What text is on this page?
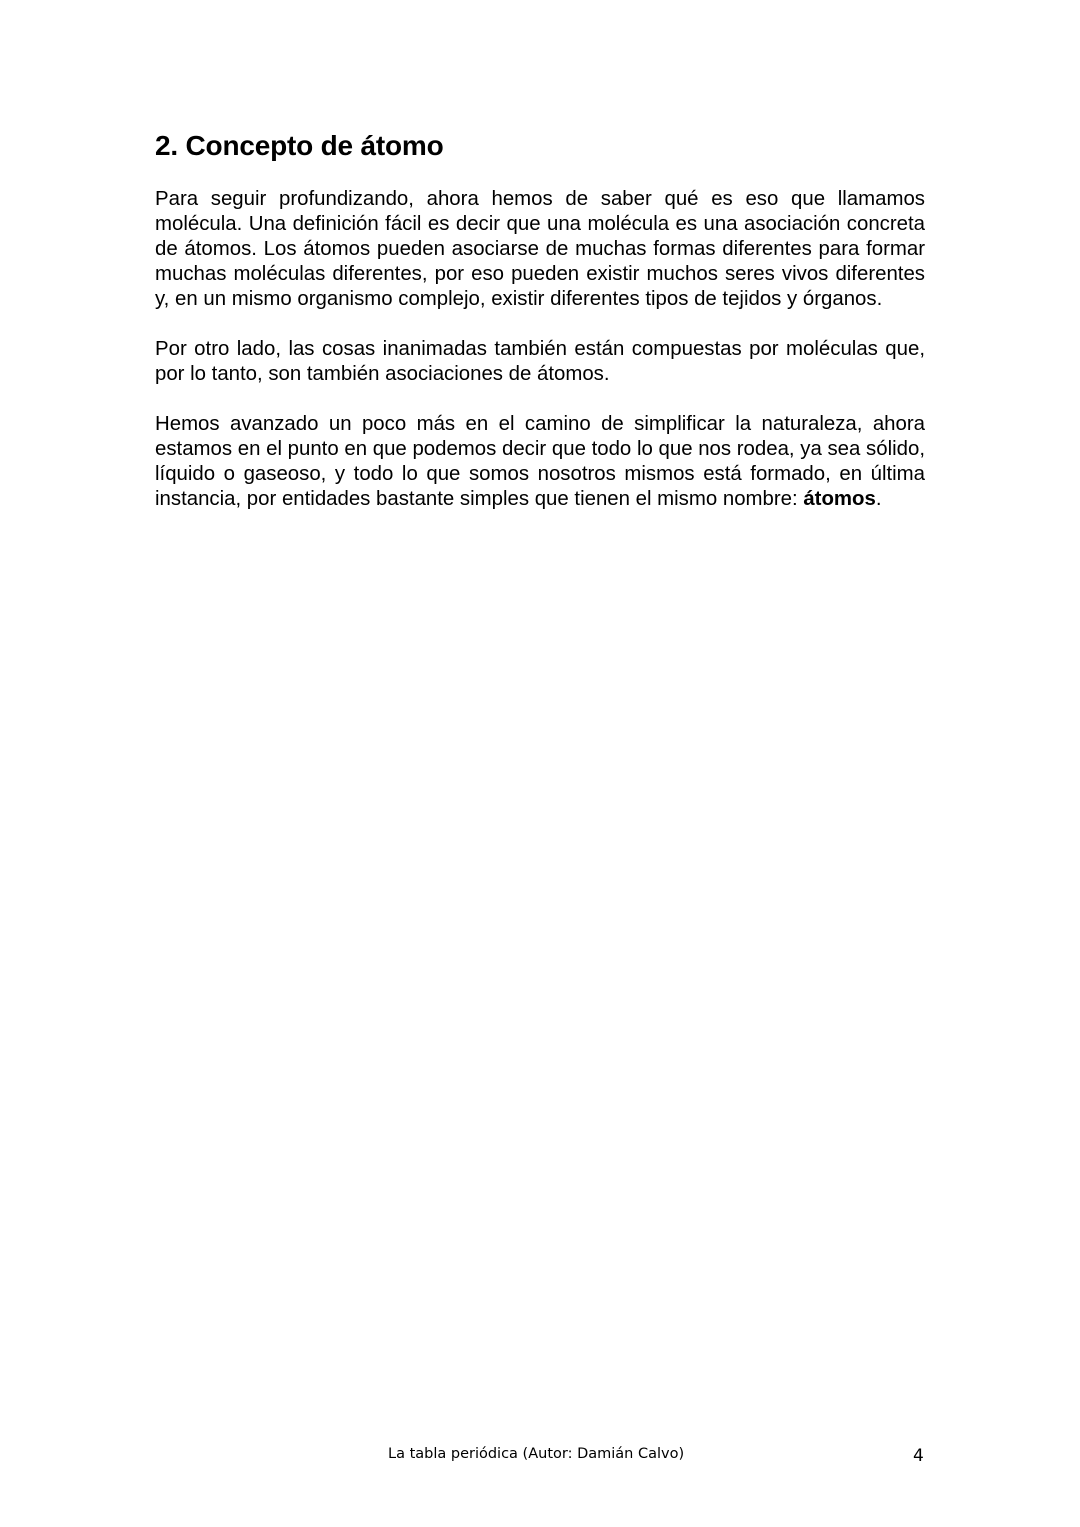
2. Concepto de átomo

Para seguir profundizando, ahora hemos de saber qué es eso que llamamos molécula. Una definición fácil es decir que una molécula es una asociación concreta de átomos. Los átomos pueden asociarse de muchas formas diferentes para formar muchas moléculas diferentes, por eso pueden existir muchos seres vivos diferentes y, en un mismo organismo complejo, existir diferentes tipos de tejidos y órganos.

Por otro lado, las cosas inanimadas también están compuestas por moléculas que, por lo tanto, son también asociaciones de átomos.

Hemos avanzado un poco más en el camino de simplificar la naturaleza, ahora estamos en el punto en que podemos decir que todo lo que nos rodea, ya sea sólido, líquido o gaseoso, y todo lo que somos nosotros mismos está formado, en última instancia, por entidades bastante simples que tienen el mismo nombre: átomos.

La tabla periódica (Autor: Damián Calvo)	4
